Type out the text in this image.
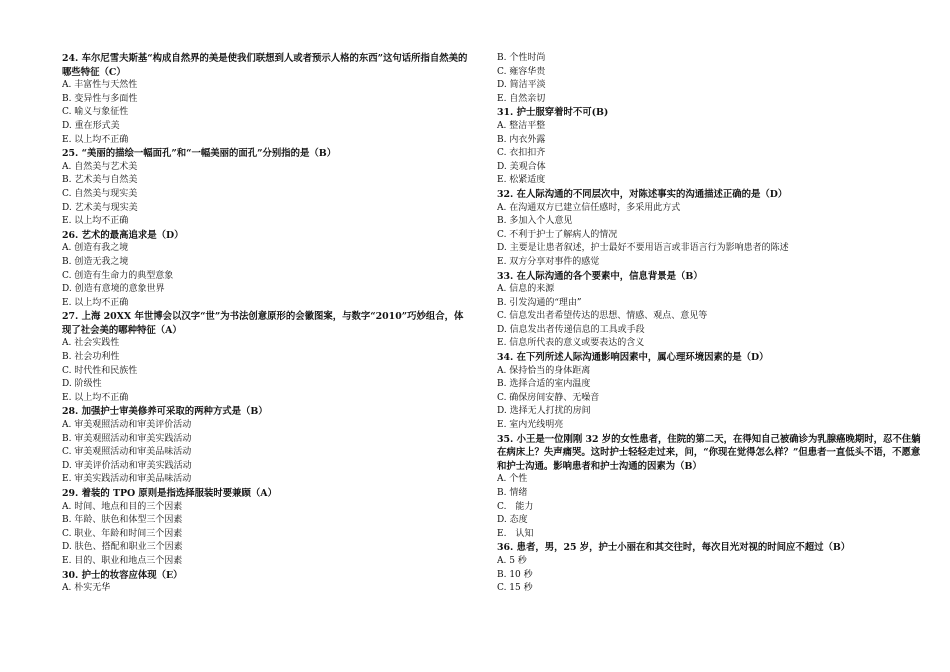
24. 车尔尼雪夫斯基“构成自然界的美是使我们联想到人或者预示人格的东西”这句话所指自然美的哪些特征（C）

A. 丰富性与天然性
B. 变异性与多面性
C. 喻义与象征性
D. 重在形式美
E. 以上均不正确

25. “美丽的描绘一幅面孔”和“一幅美丽的面孔”分别指的是（B）

A. 自然美与艺术美
B. 艺术美与自然美
C. 自然美与现实美
D. 艺术美与现实美
E. 以上均不正确

26. 艺术的最高追求是（D）

A. 创造有我之境
B. 创造无我之境
C. 创造有生命力的典型意象
D. 创造有意境的意象世界
E. 以上均不正确

27. 上海 20XX 年世博会以汉字“世”为书法创意原形的会徽图案，与数字“2010”巧妙组合，体现了社会美的哪种特征（A）

A. 社会实践性
B. 社会功利性
C. 时代性和民族性
D. 阶级性
E. 以上均不正确

28. 加强护士审美修养可采取的两种方式是（B）

A. 审美观照活动和审美评价活动
B. 审美观照活动和审美实践活动
C. 审美观照活动和审美品味活动
D. 审美评价活动和审美实践活动
E. 审美实践活动和审美品味活动

29. 着装的 TPO 原则是指选择服装时要兼顾（A）

A. 时间、地点和目的三个因素
B. 年龄、肤色和体型三个因素
C. 职业、年龄和时间三个因素
D. 肤色、搭配和职业三个因素
E. 目的、职业和地点三个因素

30. 护士的妆容应体现（E）

A. 朴实无华
B. 个性时尚
C. 雍容华贵
D. 简洁平淡
E. 自然亲切

31. 护士服穿着时不可(B)

A. 整洁平整
B. 内衣外露
C. 衣扣扣齐
D. 美观合体
E. 松紧适度

32. 在人际沟通的不同层次中，对陈述事实的沟通描述正确的是（D）

A. 在沟通双方已建立信任感时，多采用此方式
B. 多加入个人意见
C. 不利于护士了解病人的情况
D. 主要是让患者叙述，护士最好不要用语言或非语言行为影响患者的陈述
E. 双方分享对事件的感觉

33. 在人际沟通的各个要素中，信息背景是（B）

A. 信息的来源
B. 引发沟通的“理由”
C. 信息发出者希望传达的思想、情感、观点、意见等
D. 信息发出者传递信息的工具或手段
E. 信息所代表的意义或要表达的含义

34. 在下列所述人际沟通影响因素中，属心理环境因素的是（D）

A. 保持恰当的身体距离
B. 选择合适的室内温度
C. 确保房间安静、无噪音
D. 选择无人打扰的房间
E. 室内光线明亮

35. 小王是一位刚刚 32 岁的女性患者，住院的第二天，在得知自己被确诊为乳腺癌晚期时，忍不住躺在病床上？失声痛哭。这时护士轻轻走过来，问，“你现在觉得怎么样？”但患者一直低头不语，不愿意和护士沟通。影响患者和护士沟通的因素为（B）

A. 个性
B. 情绪
C.　能力
D. 态度
E.　认知

36. 患者，男，25 岁，护士小丽在和其交往时，每次目光对视的时间应不超过（B）

A. 5 秒
B. 10 秒
C. 15 秒
